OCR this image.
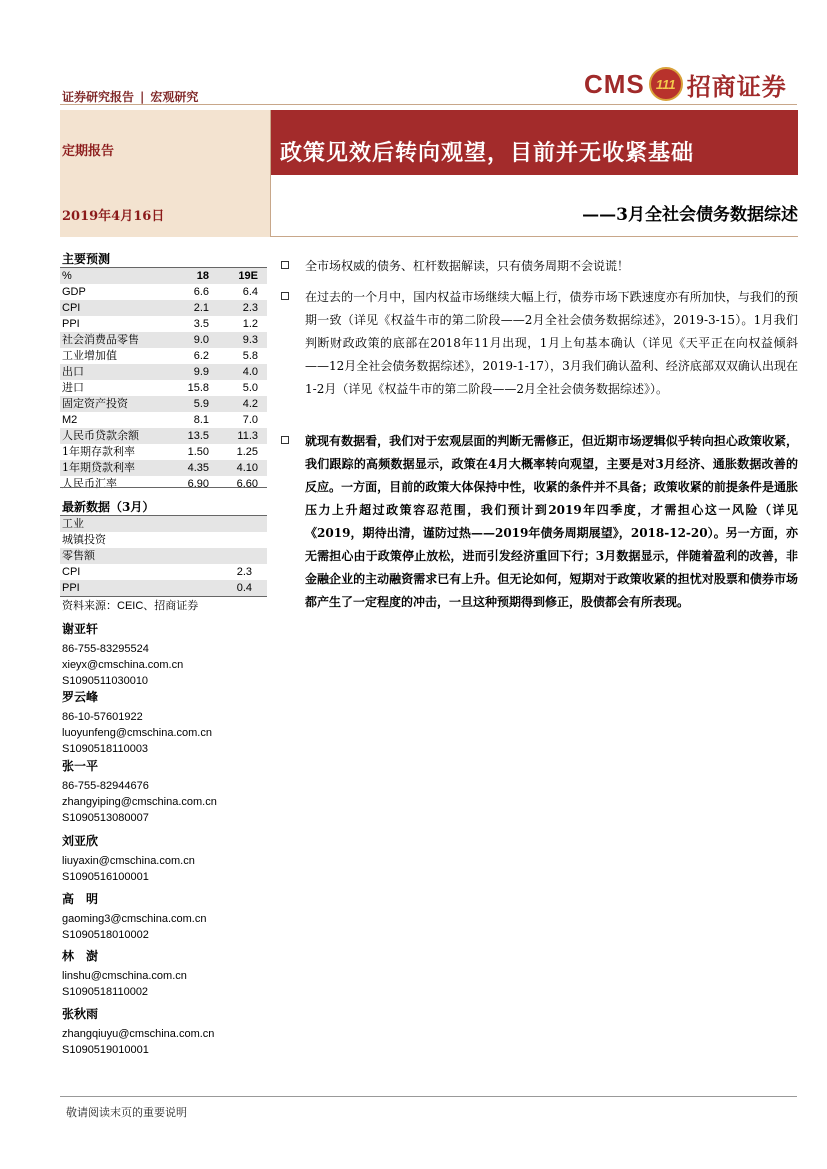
证券研究报告 | 宏观研究	CMS 111 招商证券
定期报告
2019年4月16日
政策见效后转向观望，目前并无收紧基础
——3月全社会债务数据综述
主要预测
%	18	19E
GDP	6.6	6.4
CPI	2.1	2.3
PPI	3.5	1.2
社会消费品零售	9.0	9.3
工业增加值	6.2	5.8
出口	9.9	4.0
进口	15.8	5.0
固定资产投资	5.9	4.2
M2	8.1	7.0
人民币贷款余额	13.5	11.3
1年期存款利率	1.50	1.25
1年期贷款利率	4.35	4.10
人民币汇率	6.90	6.60
最新数据（3月）
工业
城镇投资
零售额
CPI	2.3
PPI	0.4
资料来源：CEIC、招商证券
谢亚轩
86-755-83295524
xieyx@cmschina.com.cn
S1090511030010
罗云峰
86-10-57601922
luoyunfeng@cmschina.com.cn
S1090518110003
张一平
86-755-82944676
zhangyiping@cmschina.com.cn
S1090513080007
刘亚欣
liuyaxin@cmschina.com.cn
S1090516100001
高　明
gaoming3@cmschina.com.cn
S1090518010002
林　澍
linshu@cmschina.com.cn
S1090518110002
张秋雨
zhangqiuyu@cmschina.com.cn
S1090519010001
全市场权威的债务、杠杆数据解读，只有债务周期不会说谎！
在过去的一个月中，国内权益市场继续大幅上行，债券市场下跌速度亦有所加快，与我们的预期一致（详见《权益牛市的第二阶段——2月全社会债务数据综述》，2019-3-15）。1月我们判断财政政策的底部在2018年11月出现，1月上旬基本确认（详见《天平正在向权益倾斜——12月全社会债务数据综述》，2019-1-17），3月我们确认盈利、经济底部双双确认出现在1-2月（详见《权益牛市的第二阶段——2月全社会债务数据综述》）。
就现有数据看，我们对于宏观层面的判断无需修正，但近期市场逻辑似乎转向担心政策收紧，我们跟踪的高频数据显示，政策在4月大概率转向观望，主要是对3月经济、通胀数据改善的反应。一方面，目前的政策大体保持中性，收紧的条件并不具备；政策收紧的前提条件是通胀压力上升超过政策容忍范围，我们预计到2019年四季度，才需担心这一风险（详见《2019，期待出清，谨防过热——2019年债务周期展望》，2018-12-20）。另一方面，亦无需担心由于政策停止放松，进而引发经济重回下行；3月数据显示，伴随着盈利的改善，非金融企业的主动融资需求已有上升。但无论如何，短期对于政策收紧的担忧对股票和债券市场都产生了一定程度的冲击，一旦这种预期得到修正，股债都会有所表现。
敬请阅读末页的重要说明
